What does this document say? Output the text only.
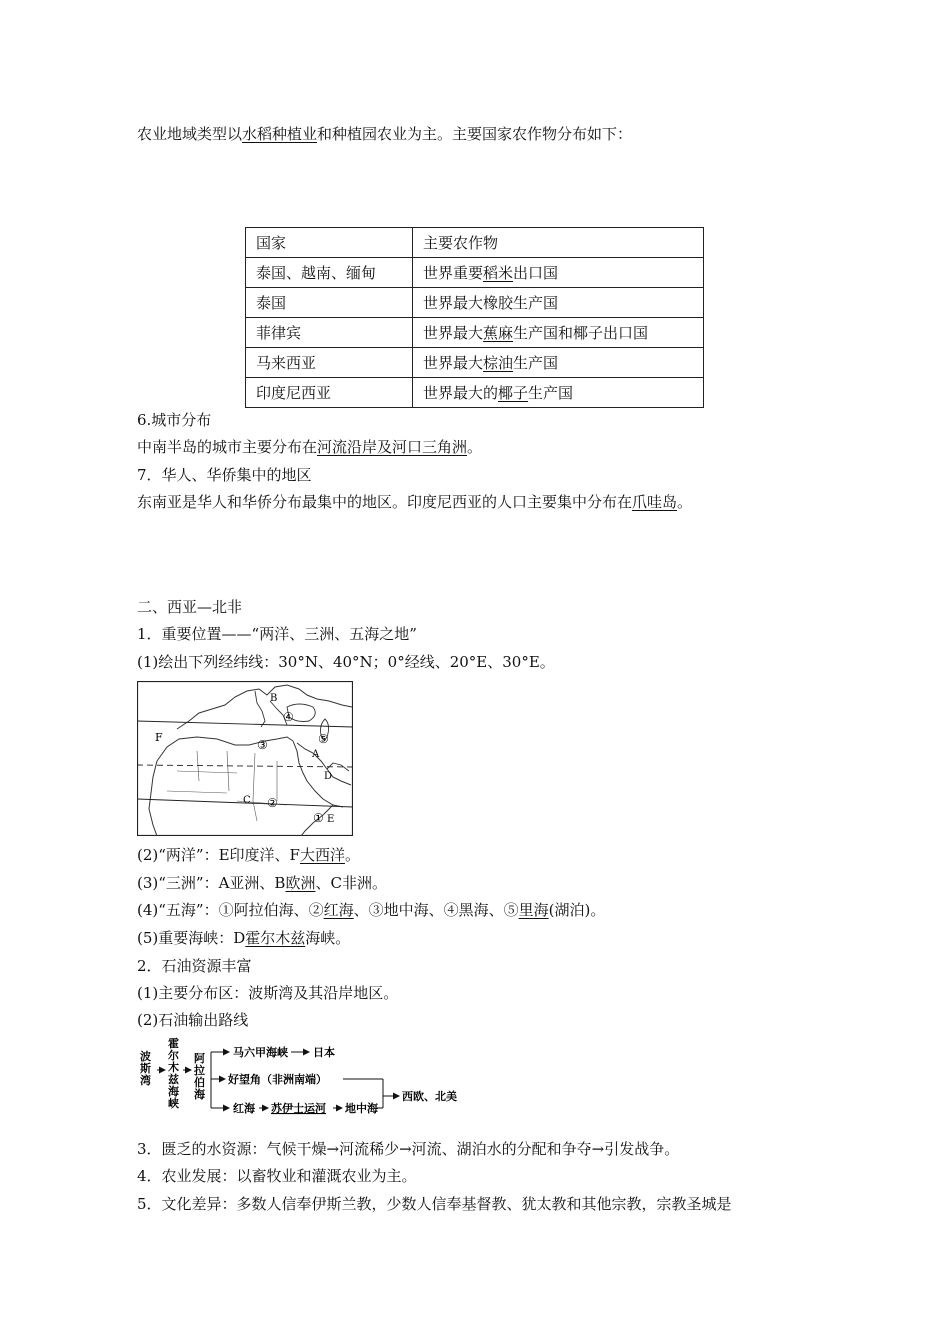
农业地域类型以水稻种植业和种植园农业为主。主要国家农作物分布如下：
国家	主要农作物
泰国、越南、缅甸	世界重要稻米出口国
泰国	世界最大橡胶生产国
菲律宾	世界最大蕉麻生产国和椰子出口国
马来西亚	世界最大棕油生产国
印度尼西亚	世界最大的椰子生产国
6.城市分布
中南半岛的城市主要分布在河流沿岸及河口三角洲。
7．华人、华侨集中的地区
东南亚是华人和华侨分布最集中的地区。印度尼西亚的人口主要集中分布在爪哇岛。
二、西亚—北非
1．重要位置——“两洋、三洲、五海之地”
(1)绘出下列经纬线：30°N、40°N；0°经线、20°E、30°E。
F
B
A
C
D
E
①
②
③
④
⑤
(2)“两洋”：E印度洋、F大西洋。
(3)“三洲”：A亚洲、B欧洲、C非洲。
(4)“五海”：①阿拉伯海、②红海、③地中海、④黑海、⑤里海(湖泊)。
(5)重要海峡：D霍尔木兹海峡。
2．石油资源丰富
(1)主要分布区：波斯湾及其沿岸地区。
(2)石油输出路线
波
斯
湾
霍
尔
木
兹
海
峡
阿
拉
伯
海
马六甲海峡 日本
好望角（非洲南端）
红海 苏伊士运河 地中海
西欧、北美
3．匮乏的水资源：气候干燥→河流稀少→河流、湖泊水的分配和争夺→引发战争。
4．农业发展：以畜牧业和灌溉农业为主。
5．文化差异：多数人信奉伊斯兰教，少数人信奉基督教、犹太教和其他宗教，宗教圣城是
